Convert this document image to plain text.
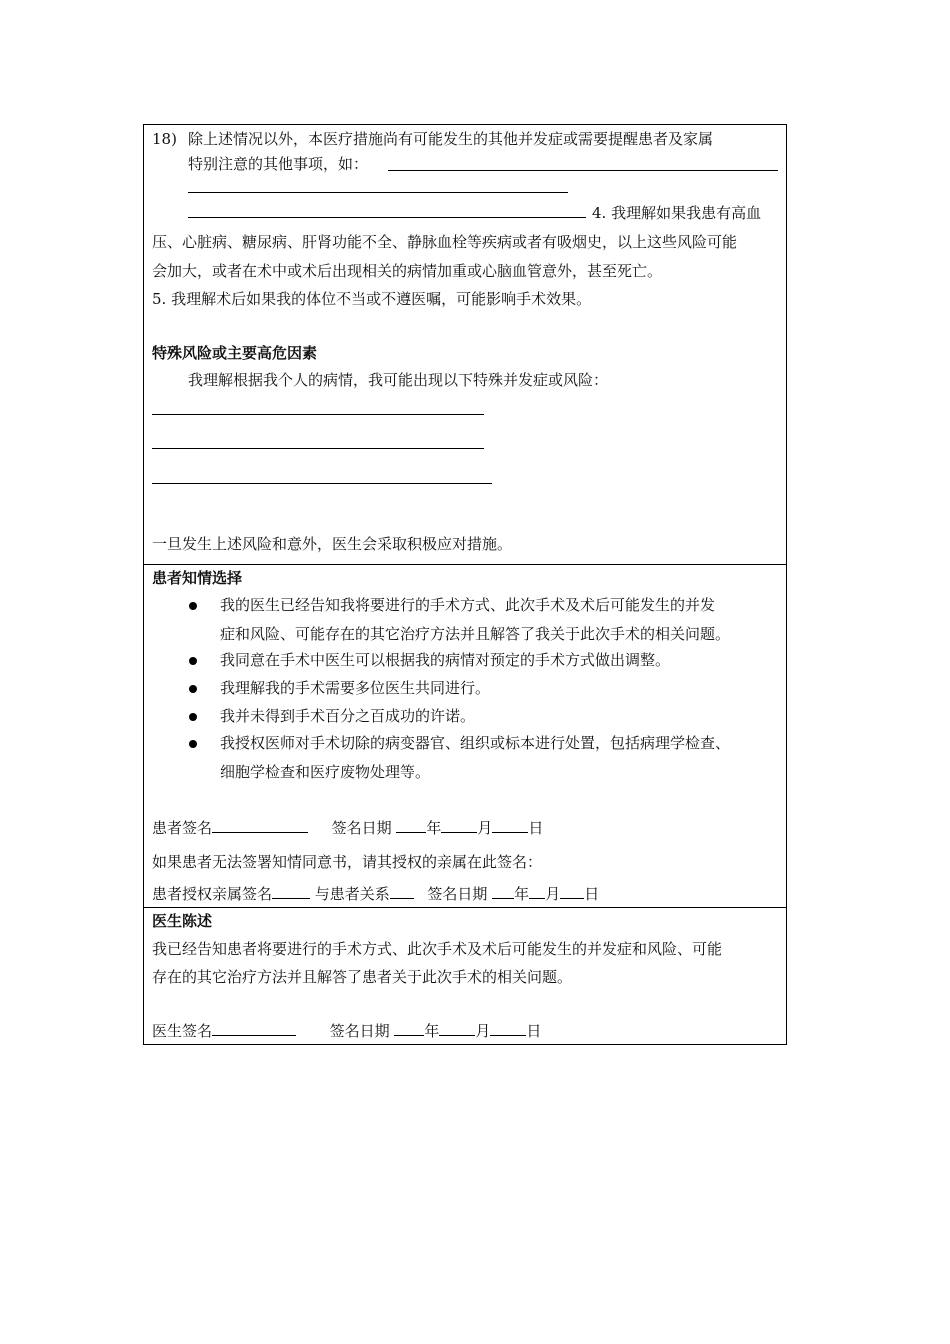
18) 除上述情况以外，本医疗措施尚有可能发生的其他并发症或需要提醒患者及家属
特别注意的其他事项，如：
4. 我理解如果我患有高血
压、心脏病、糖尿病、肝肾功能不全、静脉血栓等疾病或者有吸烟史，以上这些风险可能
会加大，或者在术中或术后出现相关的病情加重或心脑血管意外，甚至死亡。
5. 我理解术后如果我的体位不当或不遵医嘱，可能影响手术效果。
特殊风险或主要高危因素
我理解根据我个人的病情，我可能出现以下特殊并发症或风险：
一旦发生上述风险和意外，医生会采取积极应对措施。
患者知情选择
我的医生已经告知我将要进行的手术方式、此次手术及术后可能发生的并发
症和风险、可能存在的其它治疗方法并且解答了我关于此次手术的相关问题。
我同意在手术中医生可以根据我的病情对预定的手术方式做出调整。
我理解我的手术需要多位医生共同进行。
我并未得到手术百分之百成功的许诺。
我授权医师对手术切除的病变器官、组织或标本进行处置，包括病理学检查、
细胞学检查和医疗废物处理等。
患者签名	签名日期 年 月 日
如果患者无法签署知情同意书，请其授权的亲属在此签名：
患者授权亲属签名	与患者关系	签名日期 年 月 日
医生陈述
我已经告知患者将要进行的手术方式、此次手术及术后可能发生的并发症和风险、可能
存在的其它治疗方法并且解答了患者关于此次手术的相关问题。
医生签名	签名日期 年 月 日
